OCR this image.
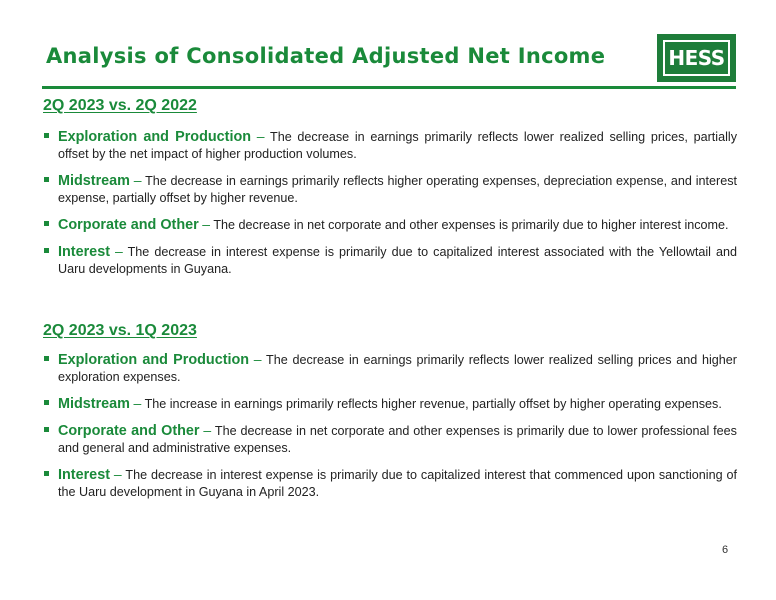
Analysis of Consolidated Adjusted Net Income	HESS
2Q 2023 vs. 2Q 2022
Exploration and Production – The decrease in earnings primarily reflects lower realized selling prices, partially offset by the net impact of higher production volumes.
Midstream – The decrease in earnings primarily reflects higher operating expenses, depreciation expense, and interest expense, partially offset by higher revenue.
Corporate and Other – The decrease in net corporate and other expenses is primarily due to higher interest income.
Interest – The decrease in interest expense is primarily due to capitalized interest associated with the Yellowtail and Uaru developments in Guyana.
2Q 2023 vs. 1Q 2023
Exploration and Production – The decrease in earnings primarily reflects lower realized selling prices and higher exploration expenses.
Midstream – The increase in earnings primarily reflects higher revenue, partially offset by higher operating expenses.
Corporate and Other – The decrease in net corporate and other expenses is primarily due to lower professional fees and general and administrative expenses.
Interest – The decrease in interest expense is primarily due to capitalized interest that commenced upon sanctioning of the Uaru development in Guyana in April 2023.
6
